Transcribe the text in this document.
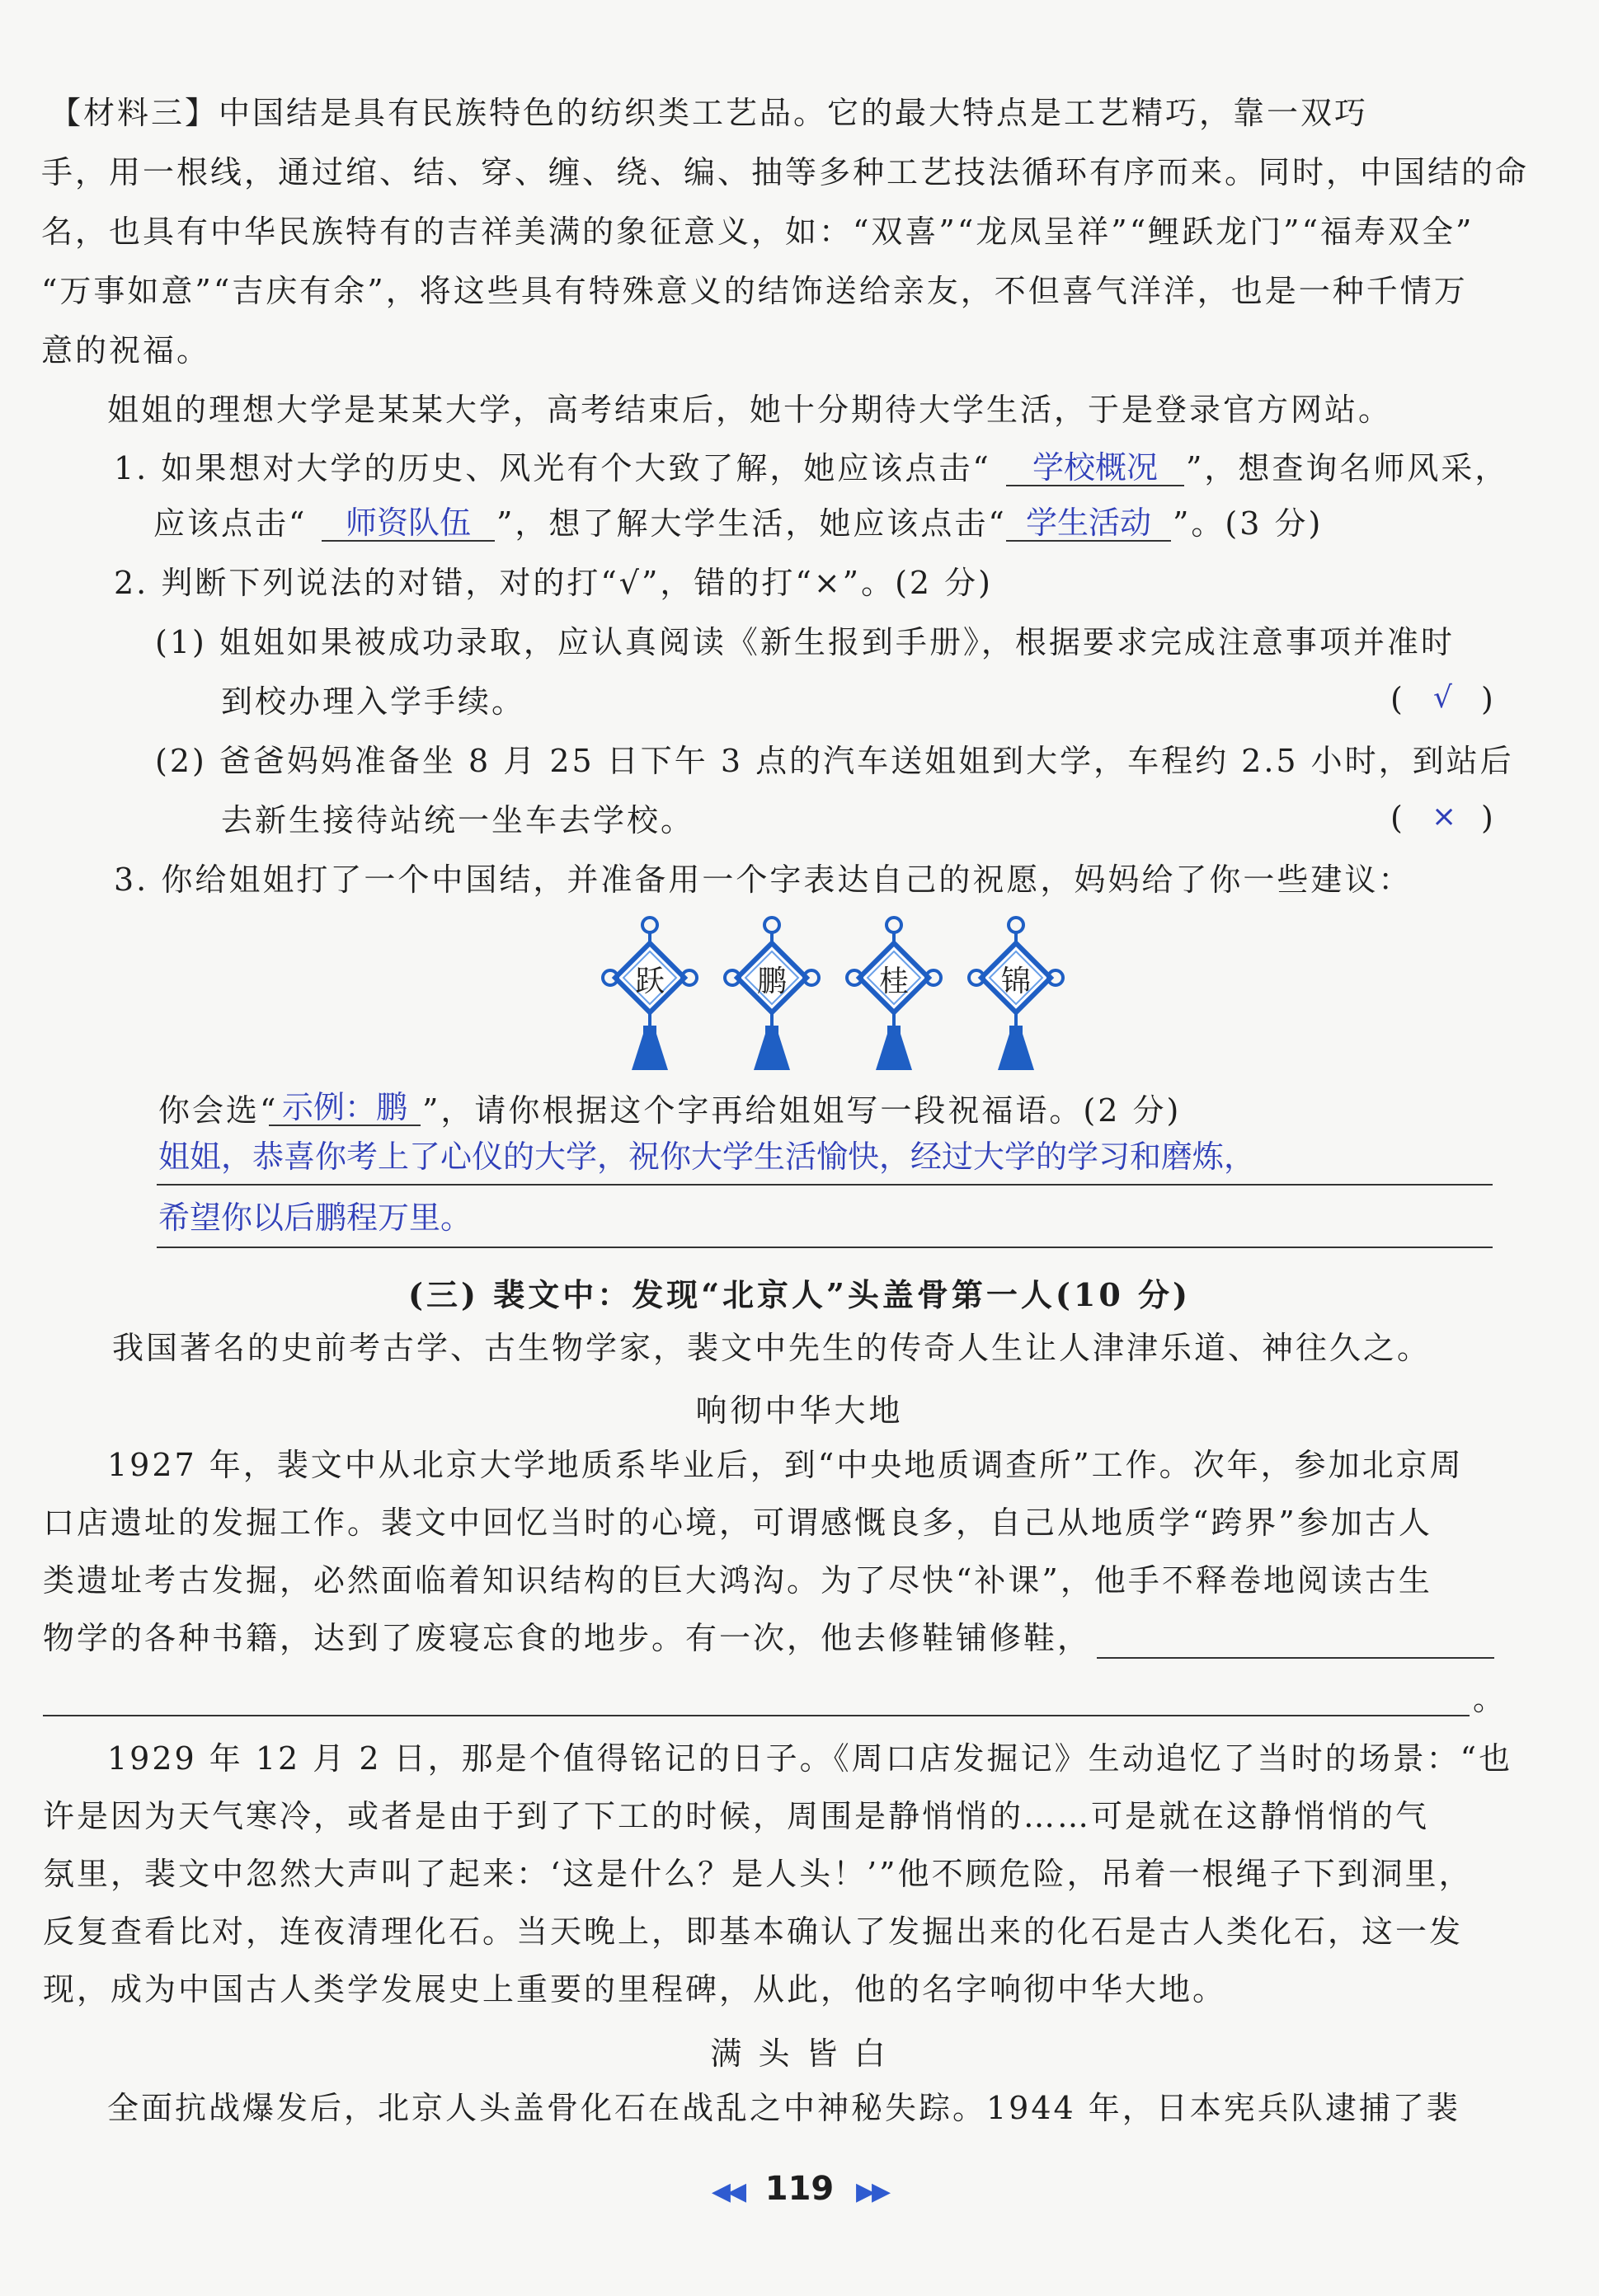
【材料三】中国结是具有民族特色的纺织类工艺品。它的最大特点是工艺精巧，靠一双巧
手，用一根线，通过绾、结、穿、缠、绕、编、抽等多种工艺技法循环有序而来。同时，中国结的命
名，也具有中华民族特有的吉祥美满的象征意义，如：“双喜”“龙凤呈祥”“鲤跃龙门”“福寿双全”
“万事如意”“吉庆有余”，将这些具有特殊意义的结饰送给亲友，不但喜气洋洋，也是一种千情万
意的祝福。
姐姐的理想大学是某某大学，高考结束后，她十分期待大学生活，于是登录官方网站。
1. 如果想对大学的历史、风光有个大致了解，她应该点击“	学校概况 ”，想查询名师风采，
应该点击“	师资队伍 ”，想了解大学生活，她应该点击“ 学生活动 ”。(3 分)
2. 判断下列说法的对错，对的打“√”，错的打“×”。(2 分)
(1) 姐姐如果被成功录取，应认真阅读《新生报到手册》，根据要求完成注意事项并准时
到校办理入学手续。	( √ )
(2) 爸爸妈妈准备坐 8 月 25 日下午 3 点的汽车送姐姐到大学，车程约 2.5 小时，到站后
去新生接待站统一坐车去学校。	( × )
3. 你给姐姐打了一个中国结，并准备用一个字表达自己的祝愿，妈妈给了你一些建议：
跃	鹏	桂	锦
你会选“ 示例：鹏 ”，请你根据这个字再给姐姐写一段祝福语。(2 分)
姐姐，恭喜你考上了心仪的大学，祝你大学生活愉快，经过大学的学习和磨炼，
希望你以后鹏程万里。
(三) 裴文中：发现“北京人”头盖骨第一人(10 分)
我国著名的史前考古学、古生物学家，裴文中先生的传奇人生让人津津乐道、神往久之。
响彻中华大地
1927 年，裴文中从北京大学地质系毕业后，到“中央地质调查所”工作。次年，参加北京周
口店遗址的发掘工作。裴文中回忆当时的心境，可谓感慨良多，自己从地质学“跨界”参加古人
类遗址考古发掘，必然面临着知识结构的巨大鸿沟。为了尽快“补课”，他手不释卷地阅读古生
物学的各种书籍，达到了废寝忘食的地步。有一次，他去修鞋铺修鞋，
。
1929 年 12 月 2 日，那是个值得铭记的日子。《周口店发掘记》生动追忆了当时的场景：“也
许是因为天气寒冷，或者是由于到了下工的时候，周围是静悄悄的……可是就在这静悄悄的气
氛里，裴文中忽然大声叫了起来：‘这是什么？是人头！’”他不顾危险，吊着一根绳子下到洞里，
反复查看比对，连夜清理化石。当天晚上，即基本确认了发掘出来的化石是古人类化石，这一发
现，成为中国古人类学发展史上重要的里程碑，从此，他的名字响彻中华大地。
满 头 皆 白
全面抗战爆发后，北京人头盖骨化石在战乱之中神秘失踪。1944 年，日本宪兵队逮捕了裴
◀◀ 119 ▶▶
